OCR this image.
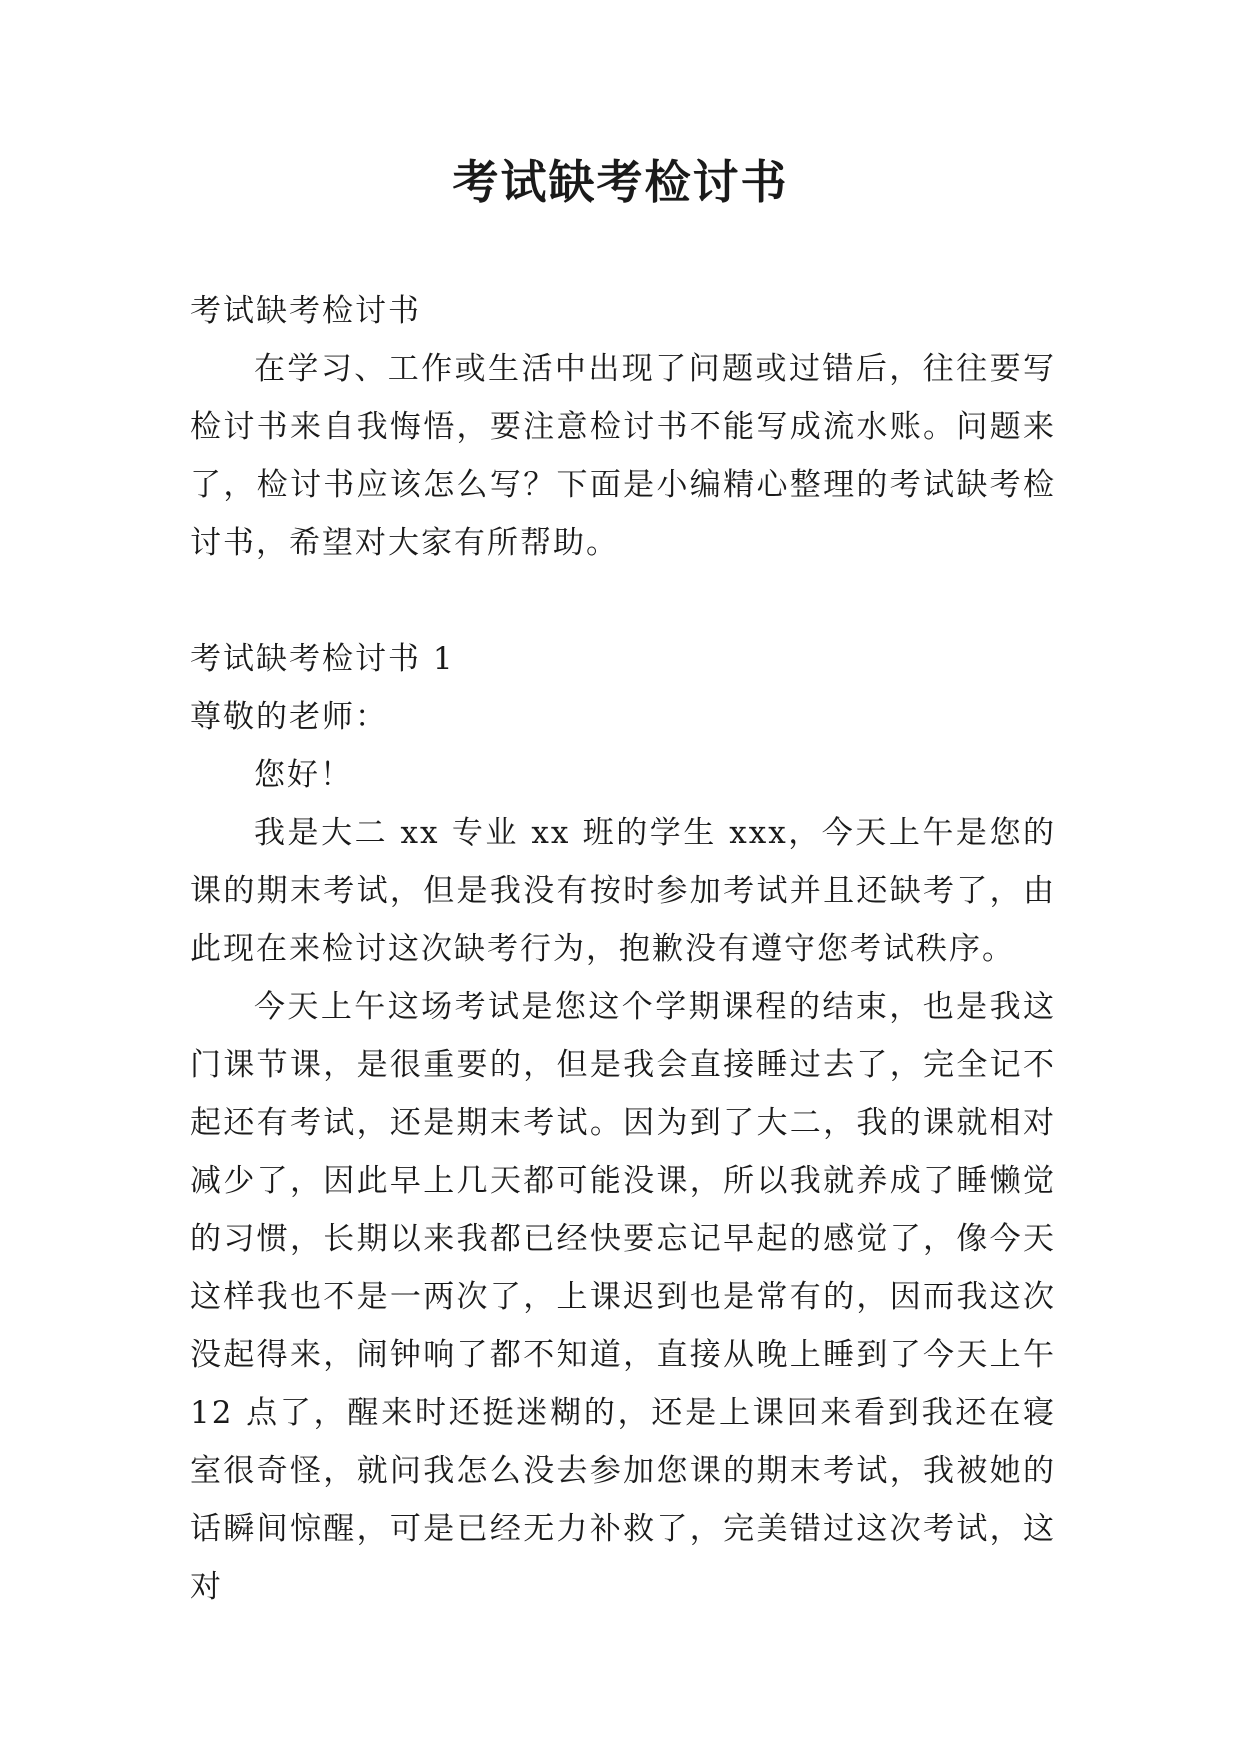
考试缺考检讨书

考试缺考检讨书

在学习、工作或生活中出现了问题或过错后，往往要写检讨书来自我悔悟，要注意检讨书不能写成流水账。问题来了，检讨书应该怎么写？下面是小编精心整理的考试缺考检讨书，希望对大家有所帮助。

考试缺考检讨书 1

尊敬的老师：

您好！

我是大二 xx 专业 xx 班的学生 xxx，今天上午是您的课的期末考试，但是我没有按时参加考试并且还缺考了，由此现在来检讨这次缺考行为，抱歉没有遵守您考试秩序。

今天上午这场考试是您这个学期课程的结束，也是我这门课节课，是很重要的，但是我会直接睡过去了，完全记不起还有考试，还是期末考试。因为到了大二，我的课就相对减少了，因此早上几天都可能没课，所以我就养成了睡懒觉的习惯，长期以来我都已经快要忘记早起的感觉了，像今天这样我也不是一两次了，上课迟到也是常有的，因而我这次没起得来，闹钟响了都不知道，直接从晚上睡到了今天上午 12 点了，醒来时还挺迷糊的，还是上课回来看到我还在寝室很奇怪，就问我怎么没去参加您课的期末考试，我被她的话瞬间惊醒，可是已经无力补救了，完美错过这次考试，这对
